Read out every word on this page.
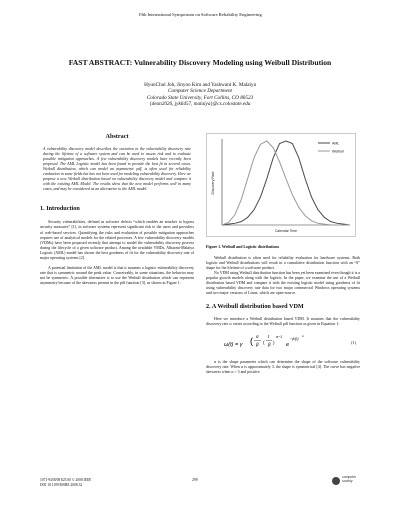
19th International Symposium on Software Reliability Engineering
FAST ABSTRACT: Vulnerability Discovery Modeling using Weibull Distribution
HyunChul Joh, Jinyoo Kim and Yashwant K. Malaiya
Computer Science Department
Colorado State University, Fort Collins, CO 80523
{dean2026, jyk6457, malaiya}@cs.colostate.edu
Abstract
A vulnerability discovery model describes the variation in the vulnerability discovery rate during the lifetime of a software system and can be used to assess risk and to evaluate possible mitigation approaches. A few vulnerability discovery models have recently been proposed. The AML Logistic model has been found to provide the best fit in several cases. Weibull distribution, which can model an asymmetric pdf, is often used for reliability evaluation in some fields but has not been used for modeling vulnerability discovery. Here we propose a new Weibull distribution based on vulnerability discovery model and compare it with the existing AML Model. The results show that the new model performs well in many cases, and may be considered as an alternative to the AML model.
1. Introduction

Security vulnerabilities, defined as software defects “which enables an attacker to bypass security measures” [1], in software systems represent significant risk to the users and providers of web-based services. Quantifying the risks and evaluation of possible mitigation approaches requires use of analytical models for the related processes. A few vulnerability discovery models (VDMs) have been proposed recently that attempt to model the vulnerability discovery process during the lifecycle of a given software product. Among the available VMDs, Alhazmi-Malaiya Logistic (AML) model has shown the best goodness of fit for the vulnerability discovery rate of major operating systems [2].

A potential limitation of the AML model is that it assumes a logistic vulnerability discovery rate that is symmetric around the peak value. Conceivably, in some situations, the behavior may not be symmetric. A possible alternative is to use the Weibull distribution which can represent asymmetry because of the skewness present in the pdf function [3], as shown in Figure 1.

AML
Weibull
Calendar Time
Discovery Rate
Figure 1. Weibull and Logistic distributions

Weibull distribution is often used for reliability evaluation for hardware systems. Both logistic and Weibull distributions will result in a cumulative distribution function with an “S” shape for the lifetime of a software product.

No VDM using Weibull distribution function has been yet been examined even though it is a popular growth models along with the logistic. In the paper, we examine the use of a Weibull distribution based VDM and compare it with the existing logistic model using goodness of fit using vulnerability discovery rate data for two major commercial Windows operating systems and two major versions of Linux, which are open-source.

2. A Weibull distribution based VDM

Here we introduce a Weibull distribution based VDM. It assumes that the vulnerability discovery rate ω varies according to the Weibull pdf function as given in Equation 1:

ω(t) = γ
α
β
( (
t
β )
α−1
e
−(t/β)
α
(1)

α is the shape parameter which can determine the shape of the software vulnerability discovery rate. When α is approximately 3, the shape is symmetrical [4]. The curve has negative skewness when α > 3 and positive

1071-9458/08 $25.00 © 2008 IEEE
DOI 10.1109/ISSRE.2008.32
299
computer society
